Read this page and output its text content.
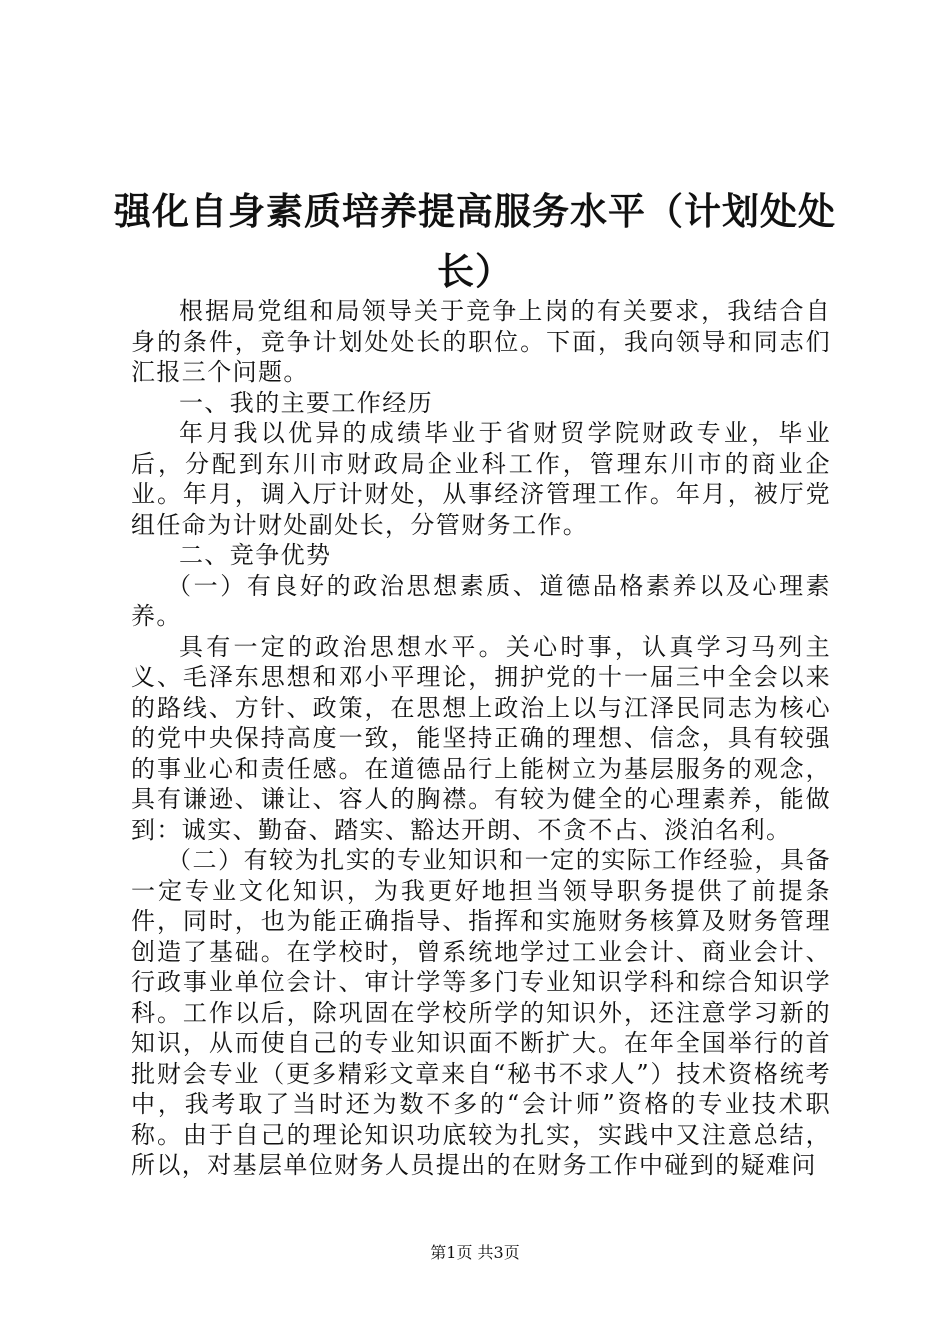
强化自身素质培养提高服务水平（计划处处长）

根据局党组和局领导关于竞争上岗的有关要求，我结合自身的条件，竞争计划处处长的职位。下面，我向领导和同志们汇报三个问题。

一、我的主要工作经历

年月我以优异的成绩毕业于省财贸学院财政专业，毕业后，分配到东川市财政局企业科工作，管理东川市的商业企业。年月，调入厅计财处，从事经济管理工作。年月，被厅党组任命为计财处副处长，分管财务工作。

二、竞争优势

（一）有良好的政治思想素质、道德品格素养以及心理素养。

具有一定的政治思想水平。关心时事，认真学习马列主义、毛泽东思想和邓小平理论，拥护党的十一届三中全会以来的路线、方针、政策，在思想上政治上以与江泽民同志为核心的党中央保持高度一致，能坚持正确的理想、信念，具有较强的事业心和责任感。在道德品行上能树立为基层服务的观念，具有谦逊、谦让、容人的胸襟。有较为健全的心理素养，能做到：诚实、勤奋、踏实、豁达开朗、不贪不占、淡泊名利。

（二）有较为扎实的专业知识和一定的实际工作经验，具备一定专业文化知识，为我更好地担当领导职务提供了前提条件，同时，也为能正确指导、指挥和实施财务核算及财务管理创造了基础。在学校时，曾系统地学过工业会计、商业会计、行政事业单位会计、审计学等多门专业知识学科和综合知识学科。工作以后，除巩固在学校所学的知识外，还注意学习新的知识，从而使自己的专业知识面不断扩大。在年全国举行的首批财会专业（更多精彩文章来自“秘书不求人”）技术资格统考中，我考取了当时还为数不多的“会计师”资格的专业技术职称。由于自己的理论知识功底较为扎实，实践中又注意总结，所以，对基层单位财务人员提出的在财务工作中碰到的疑难问

第1页 共3页
